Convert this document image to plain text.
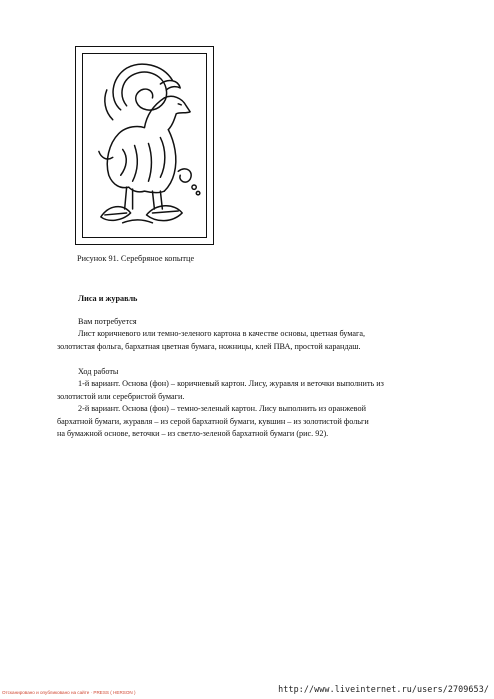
Рисунок 91. Серебряное копытце
Лиса и журавль

Вам потребуется

Лист коричневого или темно-зеленого картона в качестве основы, цветная бумага,

золотистая фольга, бархатная цветная бумага, ножницы, клей ПВА, простой карандаш.

Ход работы

1-й вариант. Основа (фон) – коричневый картон. Лису, журавля и веточки выполнить из

золотистой или серебристой бумаги.

2-й вариант. Основа (фон) – темно-зеленый картон. Лису выполнить из оранжевой

бархатной бумаги, журавля – из серой бархатной бумаги, кувшин – из золотистой фольги

на бумажной основе, веточки – из светло-зеленой бархатной бумаги (рис. 92).

Отсканировано и опубликовано на сайте · PRESS ( HERSON )	http://www.liveinternet.ru/users/2709653/
